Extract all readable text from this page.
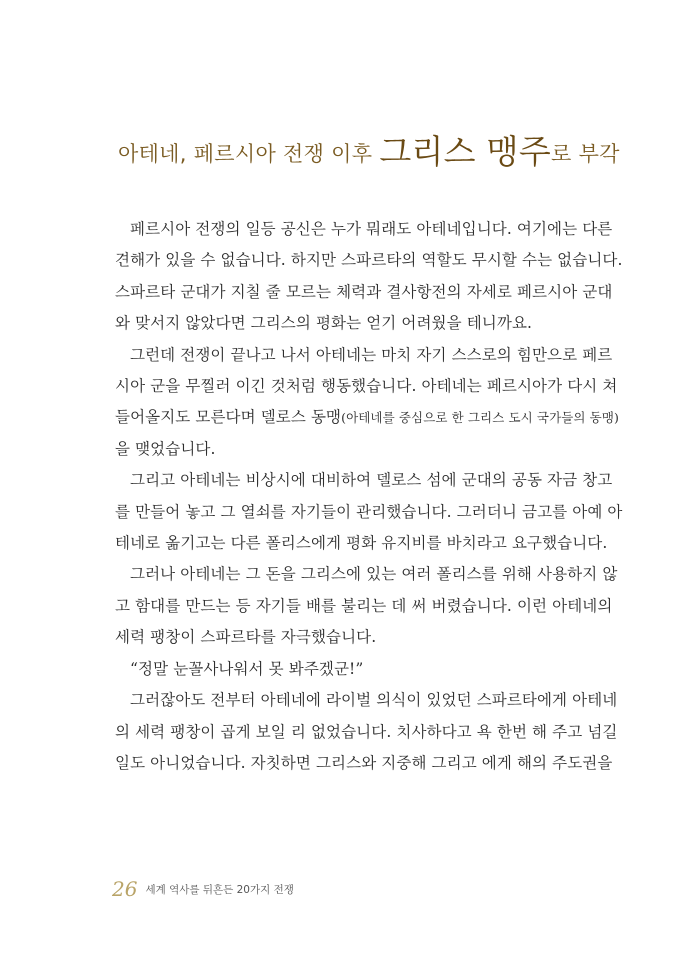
아테네, 페르시아 전쟁 이후 그리스 맹주로 부각

페르시아 전쟁의 일등 공신은 누가 뭐래도 아테네입니다. 여기에는 다른 견해가 있을 수 없습니다. 하지만 스파르타의 역할도 무시할 수는 없습니다. 스파르타 군대가 지칠 줄 모르는 체력과 결사항전의 자세로 페르시아 군대와 맞서지 않았다면 그리스의 평화는 얻기 어려웠을 테니까요.

그런데 전쟁이 끝나고 나서 아테네는 마치 자기 스스로의 힘만으로 페르시아 군을 무찔러 이긴 것처럼 행동했습니다. 아테네는 페르시아가 다시 쳐들어올지도 모른다며 델로스 동맹(아테네를 중심으로 한 그리스 도시 국가들의 동맹)을 맺었습니다.

그리고 아테네는 비상시에 대비하여 델로스 섬에 군대의 공동 자금 창고를 만들어 놓고 그 열쇠를 자기들이 관리했습니다. 그러더니 금고를 아예 아테네로 옮기고는 다른 폴리스에게 평화 유지비를 바치라고 요구했습니다.

그러나 아테네는 그 돈을 그리스에 있는 여러 폴리스를 위해 사용하지 않고 함대를 만드는 등 자기들 배를 불리는 데 써 버렸습니다. 이런 아테네의 세력 팽창이 스파르타를 자극했습니다.

“정말 눈꼴사나워서 못 봐주겠군!”

그러잖아도 전부터 아테네에 라이벌 의식이 있었던 스파르타에게 아테네의 세력 팽창이 곱게 보일 리 없었습니다. 치사하다고 욕 한번 해 주고 넘길 일도 아니었습니다. 자칫하면 그리스와 지중해 그리고 에게 해의 주도권을

26 세계 역사를 뒤흔든 20가지 전쟁
